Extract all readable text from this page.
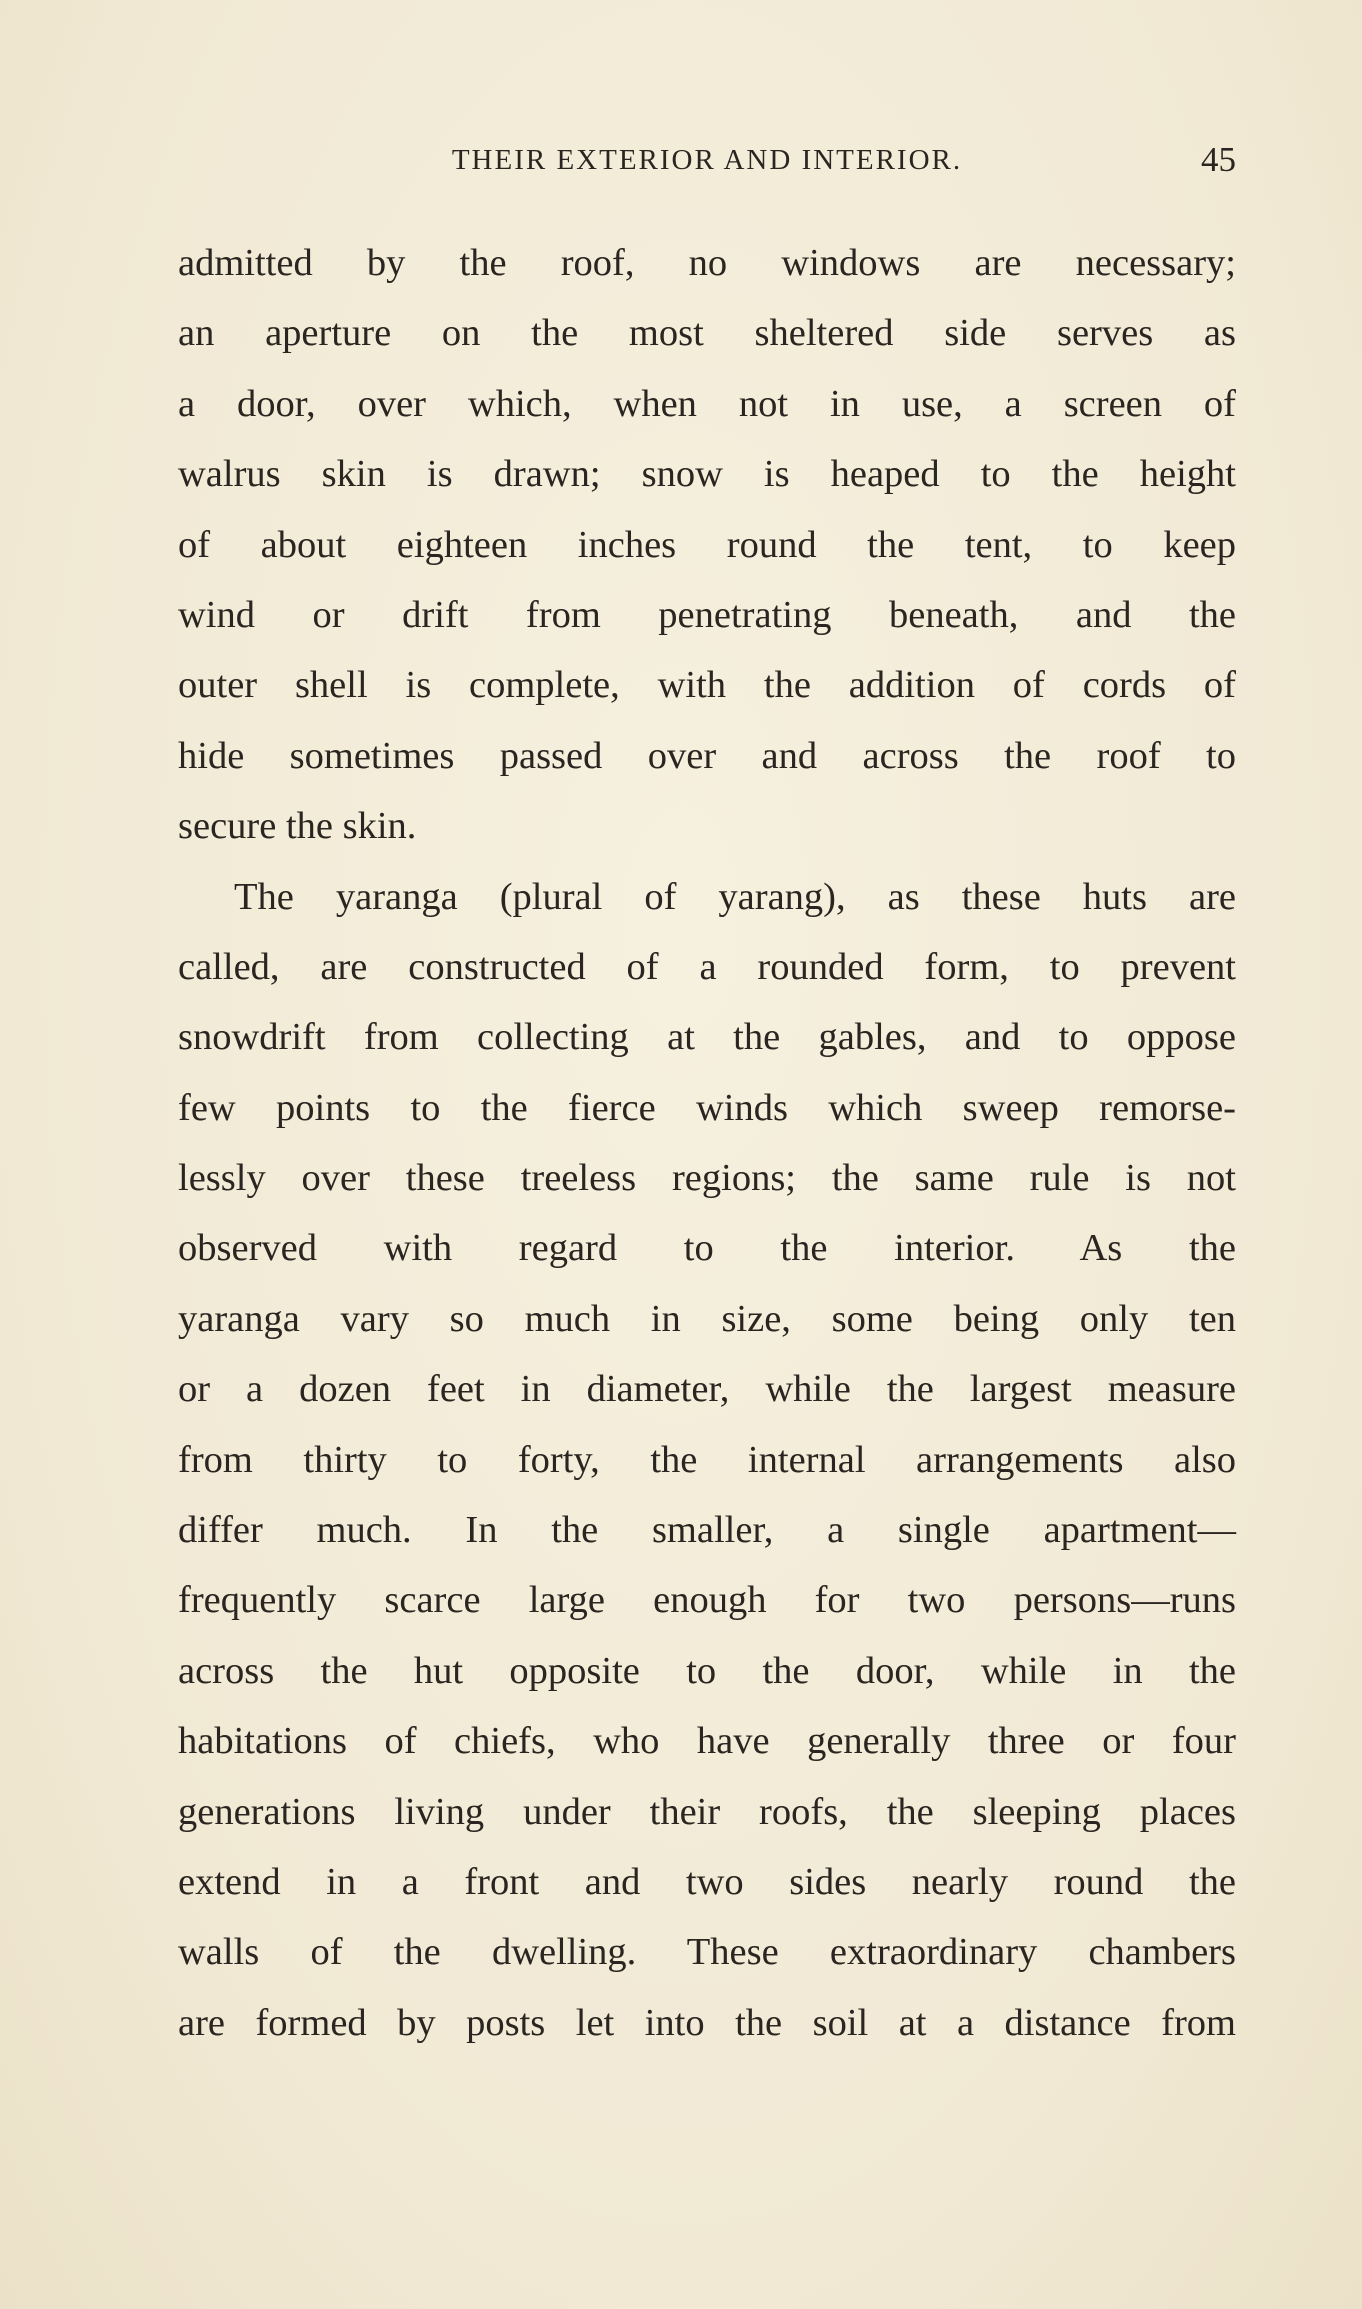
THEIR EXTERIOR AND INTERIOR.	45
admitted by the roof, no windows are necessary;
an aperture on the most sheltered side serves as
a door, over which, when not in use, a screen of
walrus skin is drawn; snow is heaped to the height
of about eighteen inches round the tent, to keep
wind or drift from penetrating beneath, and the
outer shell is complete, with the addition of cords of
hide sometimes passed over and across the roof to
secure the skin.
The yaranga (plural of yarang), as these huts are
called, are constructed of a rounded form, to prevent
snowdrift from collecting at the gables, and to oppose
few points to the fierce winds which sweep remorse-
lessly over these treeless regions; the same rule is not
observed with regard to the interior. As the
yaranga vary so much in size, some being only ten
or a dozen feet in diameter, while the largest measure
from thirty to forty, the internal arrangements also
differ much. In the smaller, a single apartment—
frequently scarce large enough for two persons—runs
across the hut opposite to the door, while in the
habitations of chiefs, who have generally three or four
generations living under their roofs, the sleeping places
extend in a front and two sides nearly round the
walls of the dwelling. These extraordinary chambers
are formed by posts let into the soil at a distance from
